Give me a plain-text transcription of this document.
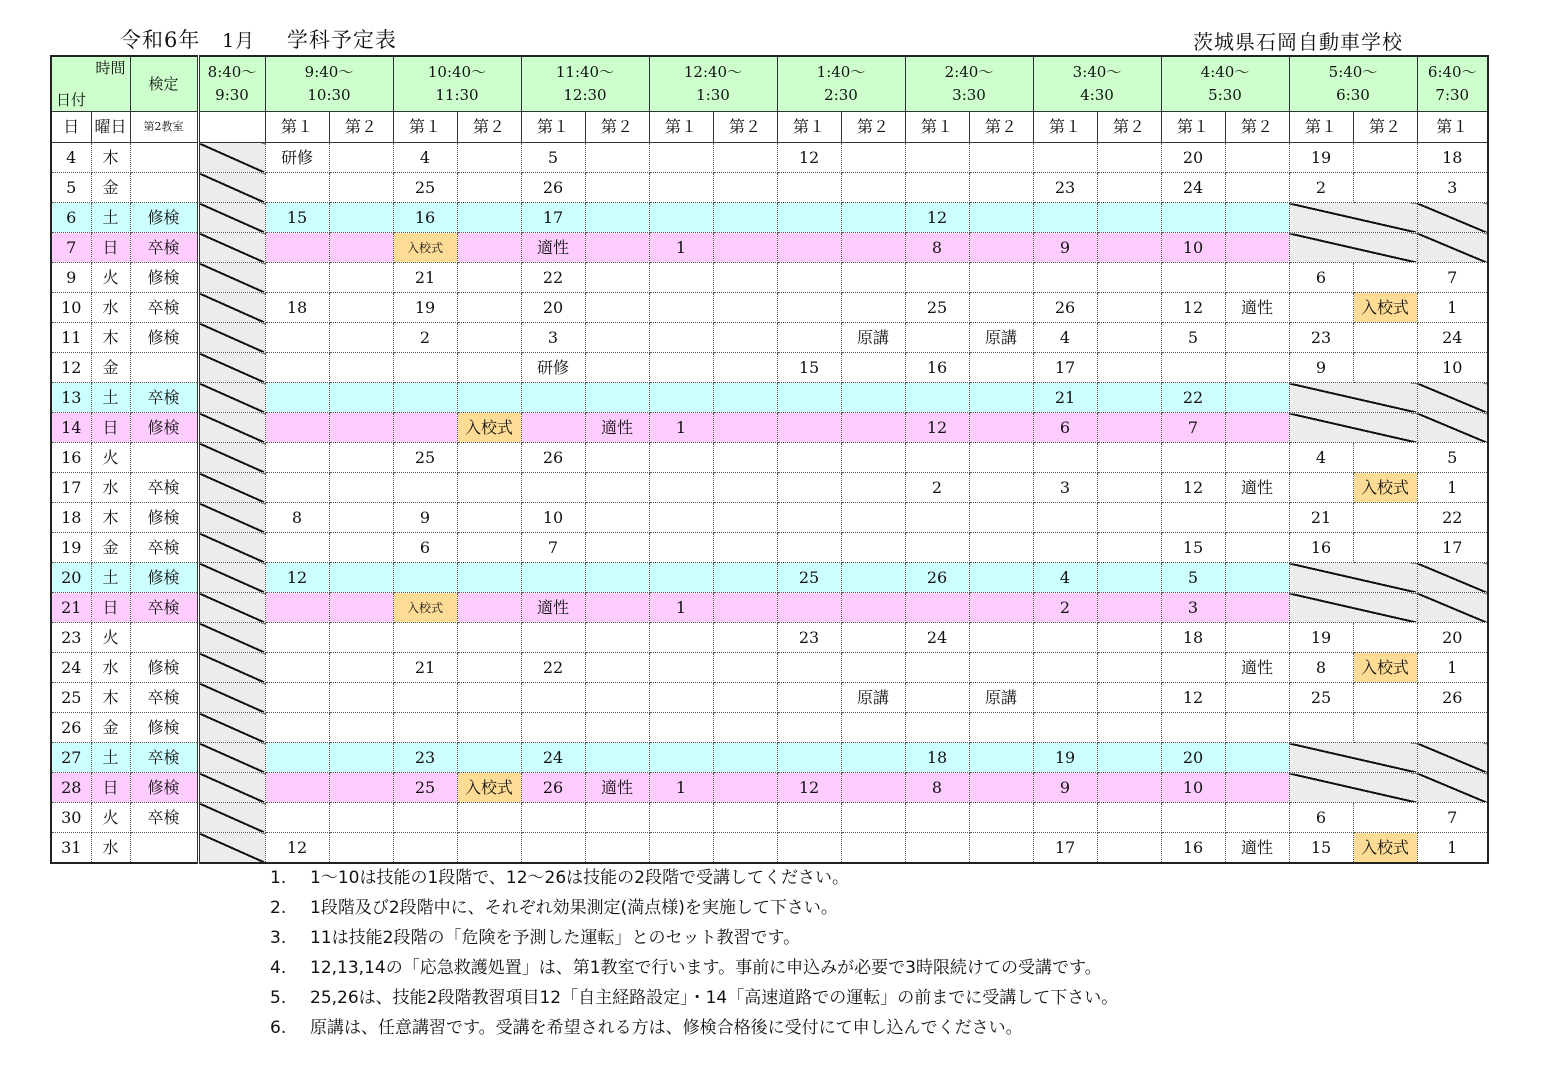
令和6年 1月 学科予定表	茨城県石岡自動車学校
時間
日付		検定	8:40～
9:30	9:40～
10:30		10:40～
11:30		11:40～
12:30		12:40～
1:30		1:40～
2:30		2:40～
3:30		3:40～
4:30		4:40～
5:30		5:40～
6:30		6:40～
7:30
日	曜日	第2教室		第１	第２	第１	第２	第１	第２	第１	第２	第１	第２	第１	第２	第１	第２	第１	第２	第１	第２	第１
4	木			研修		4		5				12						20		19		18
5	金					25		26								23		24		2		3
6	土	修検		15		16		17						12								
7	日	卒検				入校式		適性		1				8		9		10				
9	火	修検				21		22												6		7
10	水	卒検		18		19		20						25		26		12	適性		入校式	1
11	木	修検				2		3					原講		原講	4		5		23		24
12	金							研修				15		16		17				9		10
13	土	卒検														21		22				
14	日	修検					入校式		適性	1				12		6		7				
16	火					25		26												4		5
17	水	卒検												2		3		12	適性		入校式	1
18	木	修検		8		9		10												21		22
19	金	卒検				6		7										15		16		17
20	土	修検		12								25		26		4		5				
21	日	卒検				入校式		適性		1						2		3				
23	火											23		24				18		19		20
24	水	修検				21		22											適性	8	入校式	1
25	木	卒検											原講		原講			12		25		26
26	金	修検																				
27	土	卒検				23		24						18		19		20				
28	日	修検				25	入校式	26	適性	1		12		8		9		10				
30	火	卒検																		6		7
31	水			12												17		16	適性	15	入校式	1
1. 1～10は技能の1段階で、12～26は技能の2段階で受講してください。
2. 1段階及び2段階中に、それぞれ効果測定(満点様)を実施して下さい。
3. 11は技能2段階の「危険を予測した運転」とのセット教習です。
4. 12,13,14の「応急救護処置」は、第1教室で行います。事前に申込みが必要で3時限続けての受講です。
5. 25,26は、技能2段階教習項目12「自主経路設定」・14「高速道路での運転」の前までに受講して下さい。
6. 原講は、任意講習です。受講を希望される方は、修検合格後に受付にて申し込んでください。
